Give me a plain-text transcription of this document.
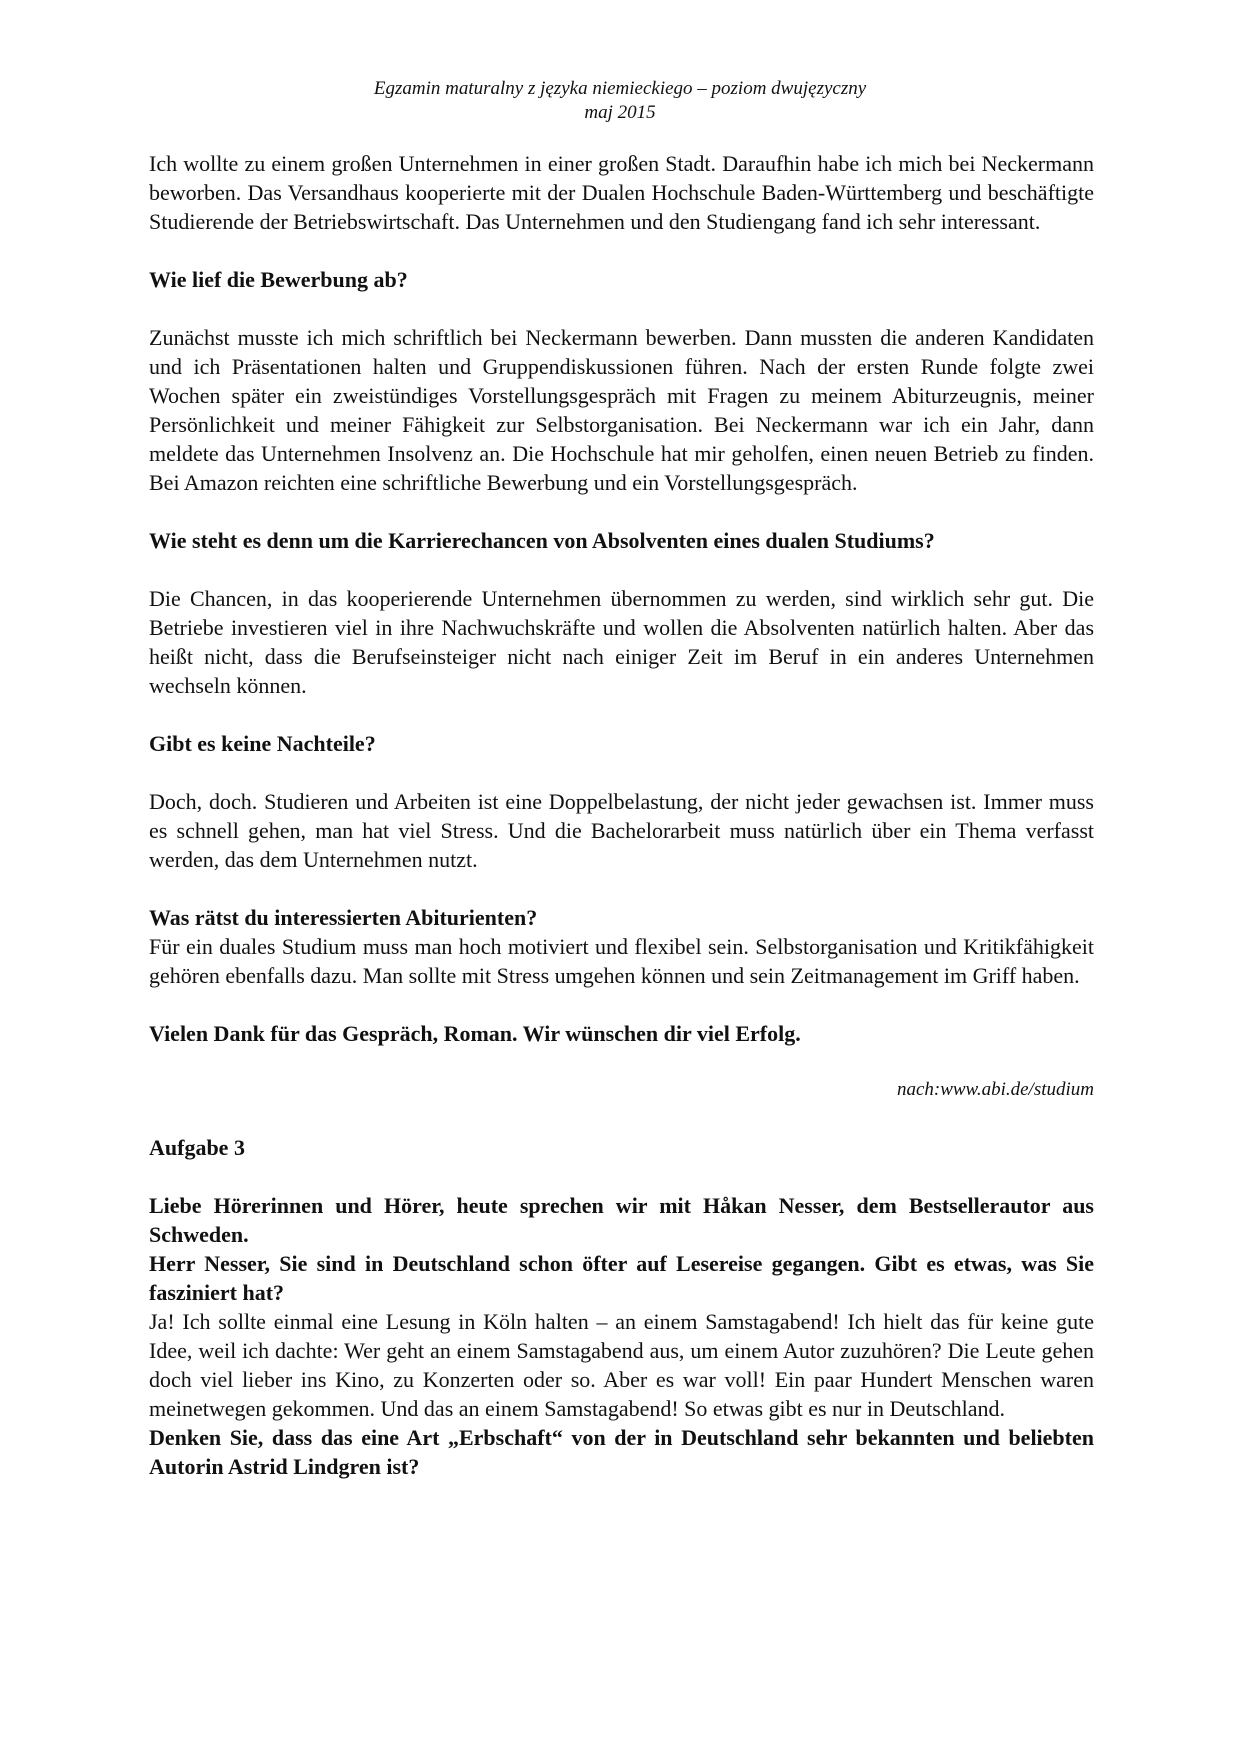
Egzamin maturalny z języka niemieckiego – poziom dwujęzyczny
maj 2015

Ich wollte zu einem großen Unternehmen in einer großen Stadt. Daraufhin habe ich mich bei Neckermann beworben. Das Versandhaus kooperierte mit der Dualen Hochschule Baden-Württemberg und beschäftigte Studierende der Betriebswirtschaft. Das Unternehmen und den Studiengang fand ich sehr interessant.

Wie lief die Bewerbung ab?

Zunächst musste ich mich schriftlich bei Neckermann bewerben. Dann mussten die anderen Kandidaten und ich Präsentationen halten und Gruppendiskussionen führen. Nach der ersten Runde folgte zwei Wochen später ein zweistündiges Vorstellungsgespräch mit Fragen zu meinem Abiturzeugnis, meiner Persönlichkeit und meiner Fähigkeit zur Selbstorganisation. Bei Neckermann war ich ein Jahr, dann meldete das Unternehmen Insolvenz an. Die Hochschule hat mir geholfen, einen neuen Betrieb zu finden. Bei Amazon reichten eine schriftliche Bewerbung und ein Vorstellungsgespräch.

Wie steht es denn um die Karrierechancen von Absolventen eines dualen Studiums?

Die Chancen, in das kooperierende Unternehmen übernommen zu werden, sind wirklich sehr gut. Die Betriebe investieren viel in ihre Nachwuchskräfte und wollen die Absolventen natürlich halten. Aber das heißt nicht, dass die Berufseinsteiger nicht nach einiger Zeit im Beruf in ein anderes Unternehmen wechseln können.

Gibt es keine Nachteile?

Doch, doch. Studieren und Arbeiten ist eine Doppelbelastung, der nicht jeder gewachsen ist. Immer muss es schnell gehen, man hat viel Stress. Und die Bachelorarbeit muss natürlich über ein Thema verfasst werden, das dem Unternehmen nutzt.

Was rätst du interessierten Abiturienten?

Für ein duales Studium muss man hoch motiviert und flexibel sein. Selbstorganisation und Kritikfähigkeit gehören ebenfalls dazu. Man sollte mit Stress umgehen können und sein Zeitmanagement im Griff haben.

Vielen Dank für das Gespräch, Roman. Wir wünschen dir viel Erfolg.

nach:www.abi.de/studium

Aufgabe 3

Liebe Hörerinnen und Hörer, heute sprechen wir mit Håkan Nesser, dem Bestsellerautor aus Schweden.

Herr Nesser, Sie sind in Deutschland schon öfter auf Lesereise gegangen. Gibt es etwas, was Sie fasziniert hat?

Ja! Ich sollte einmal eine Lesung in Köln halten – an einem Samstagabend! Ich hielt das für keine gute Idee, weil ich dachte: Wer geht an einem Samstagabend aus, um einem Autor zuzuhören? Die Leute gehen doch viel lieber ins Kino, zu Konzerten oder so. Aber es war voll! Ein paar Hundert Menschen waren meinetwegen gekommen. Und das an einem Samstagabend! So etwas gibt es nur in Deutschland.

Denken Sie, dass das eine Art „Erbschaft“ von der in Deutschland sehr bekannten und beliebten Autorin Astrid Lindgren ist?
